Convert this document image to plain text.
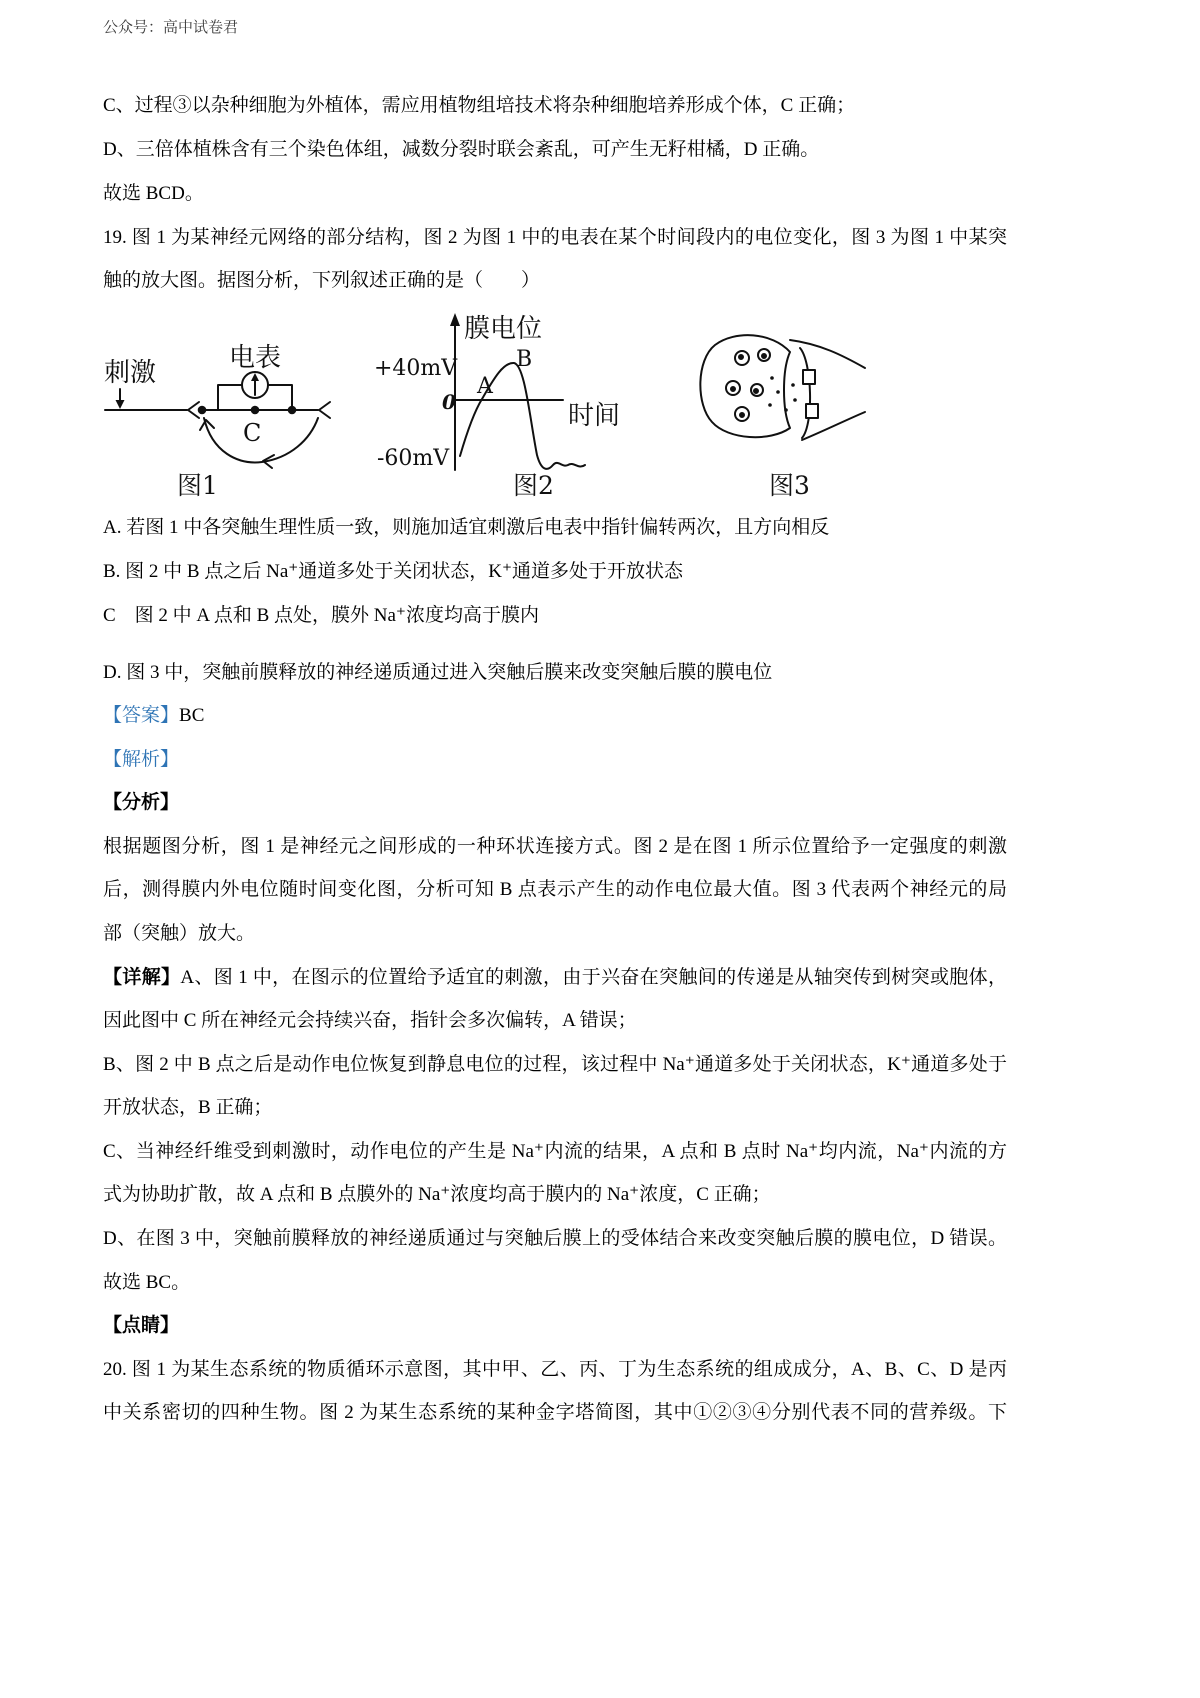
公众号：高中试卷君
C、过程③以杂种细胞为外植体，需应用植物组培技术将杂种细胞培养形成个体，C 正确；
D、三倍体植株含有三个染色体组，减数分裂时联会紊乱，可产生无籽柑橘，D 正确。
故选 BCD。
19. 图 1 为某神经元网络的部分结构，图 2 为图 1 中的电表在某个时间段内的电位变化，图 3 为图 1 中某突
触的放大图。据图分析，下列叙述正确的是（　　）
刺激	电表
C
图1
膜电位
+40mV
0
-60mV
时间
A
B
图2	图3
A. 若图 1 中各突触生理性质一致，则施加适宜刺激后电表中指针偏转两次，且方向相反
B. 图 2 中 B 点之后 Na⁺通道多处于关闭状态，K⁺通道多处于开放状态
C　图 2 中 A 点和 B 点处，膜外 Na⁺浓度均高于膜内
D. 图 3 中，突触前膜释放的神经递质通过进入突触后膜来改变突触后膜的膜电位
【答案】BC
【解析】
【分析】
根据题图分析，图 1 是神经元之间形成的一种环状连接方式。图 2 是在图 1 所示位置给予一定强度的刺激
后，测得膜内外电位随时间变化图，分析可知 B 点表示产生的动作电位最大值。图 3 代表两个神经元的局
部（突触）放大。
【详解】A、图 1 中，在图示的位置给予适宜的刺激，由于兴奋在突触间的传递是从轴突传到树突或胞体，
因此图中 C 所在神经元会持续兴奋，指针会多次偏转，A 错误；
B、图 2 中 B 点之后是动作电位恢复到静息电位的过程，该过程中 Na⁺通道多处于关闭状态，K⁺通道多处于
开放状态，B 正确；
C、当神经纤维受到刺激时，动作电位的产生是 Na⁺内流的结果，A 点和 B 点时 Na⁺均内流，Na⁺内流的方
式为协助扩散，故 A 点和 B 点膜外的 Na⁺浓度均高于膜内的 Na⁺浓度，C 正确；
D、在图 3 中，突触前膜释放的神经递质通过与突触后膜上的受体结合来改变突触后膜的膜电位，D 错误。
故选 BC。
【点睛】
20. 图 1 为某生态系统的物质循环示意图，其中甲、乙、丙、丁为生态系统的组成成分，A、B、C、D 是丙
中关系密切的四种生物。图 2 为某生态系统的某种金字塔简图，其中①②③④分别代表不同的营养级。下
